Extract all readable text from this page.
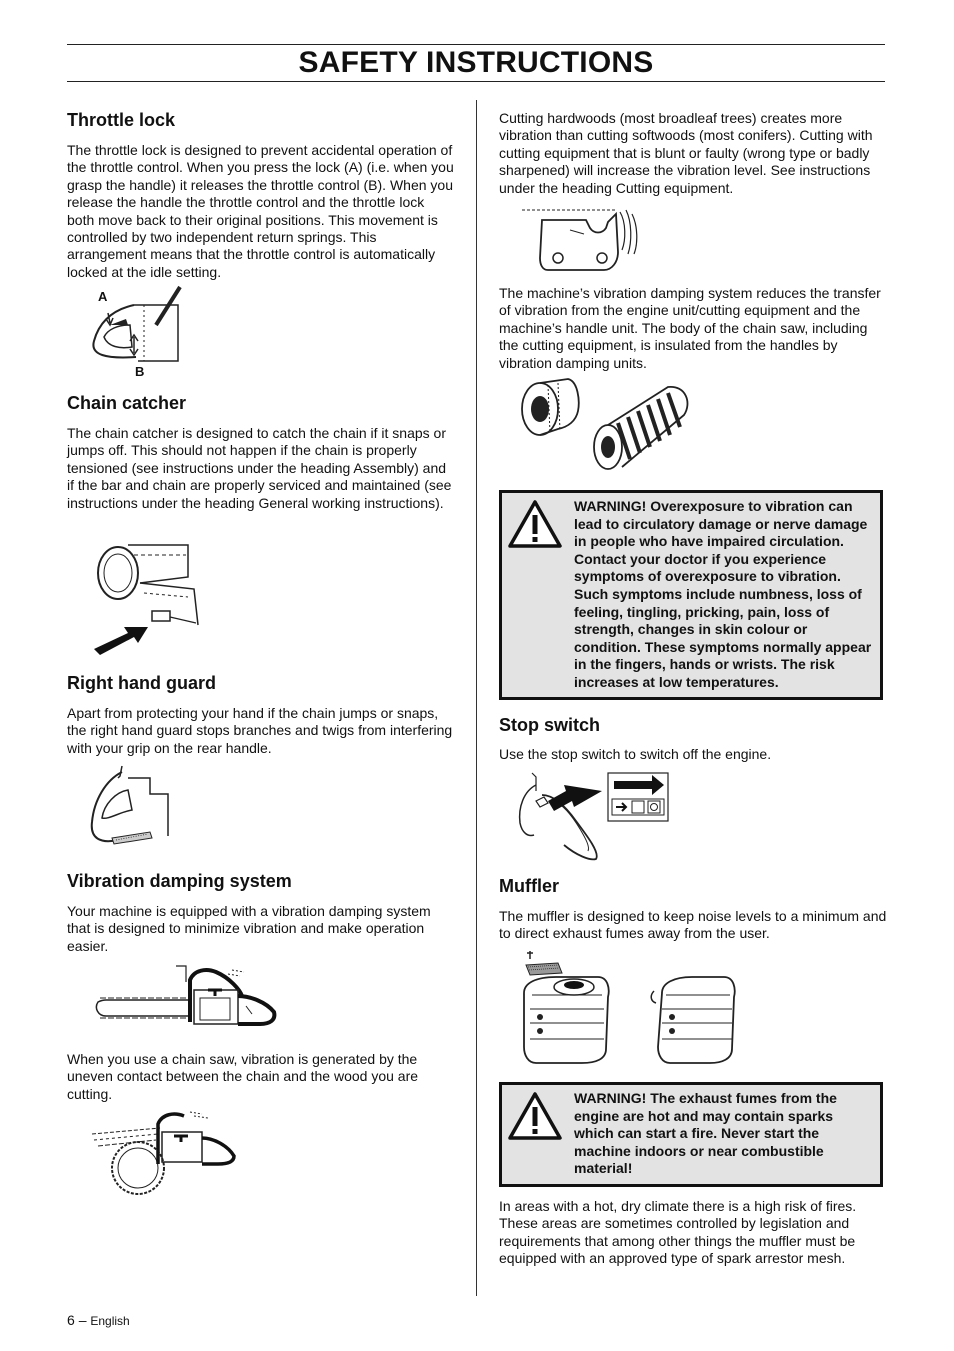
SAFETY INSTRUCTIONS
Throttle lock

The throttle lock is designed to prevent accidental operation of the throttle control. When you press the lock (A) (i.e. when you grasp the handle) it releases the throttle control (B). When you release the handle the throttle control and the throttle lock both move back to their original positions. This movement is controlled by two independent return springs. This arrangement means that the throttle control is automatically locked at the idle setting.

A
B
Chain catcher

The chain catcher is designed to catch the chain if it snaps or jumps off. This should not happen if the chain is properly tensioned (see instructions under the heading Assembly) and if the bar and chain are properly serviced and maintained (see instructions under the heading General working instructions).

Right hand guard

Apart from protecting your hand if the chain jumps or snaps, the right hand guard stops branches and twigs from interfering with your grip on the rear handle.

Vibration damping system

Your machine is equipped with a vibration damping system that is designed to minimize vibration and make operation easier.

When you use a chain saw, vibration is generated by the uneven contact between the chain and the wood you are cutting.

Cutting hardwoods (most broadleaf trees) creates more vibration than cutting softwoods (most conifers). Cutting with cutting equipment that is blunt or faulty (wrong type or badly sharpened) will increase the vibration level. See instructions under the heading Cutting equipment.

The machine’s vibration damping system reduces the transfer of vibration from the engine unit/cutting equipment and the machine’s handle unit. The body of the chain saw, including the cutting equipment, is insulated from the handles by vibration damping units.

WARNING! Overexposure to vibration can lead to circulatory damage or nerve damage in people who have impaired circulation. Contact your doctor if you experience symptoms of overexposure to vibration. Such symptoms include numbness, loss of feeling, tingling, pricking, pain, loss of strength, changes in skin colour or condition. These symptoms normally appear in the fingers, hands or wrists. The risk increases at low temperatures.
Stop switch

Use the stop switch to switch off the engine.

Muffler

The muffler is designed to keep noise levels to a minimum and to direct exhaust fumes away from the user.

WARNING! The exhaust fumes from the engine are hot and may contain sparks which can start a fire. Never start the machine indoors or near combustible material!

In areas with a hot, dry climate there is a high risk of fires. These areas are sometimes controlled by legislation and requirements that among other things the muffler must be equipped with an approved type of spark arrestor mesh.

6 – English
